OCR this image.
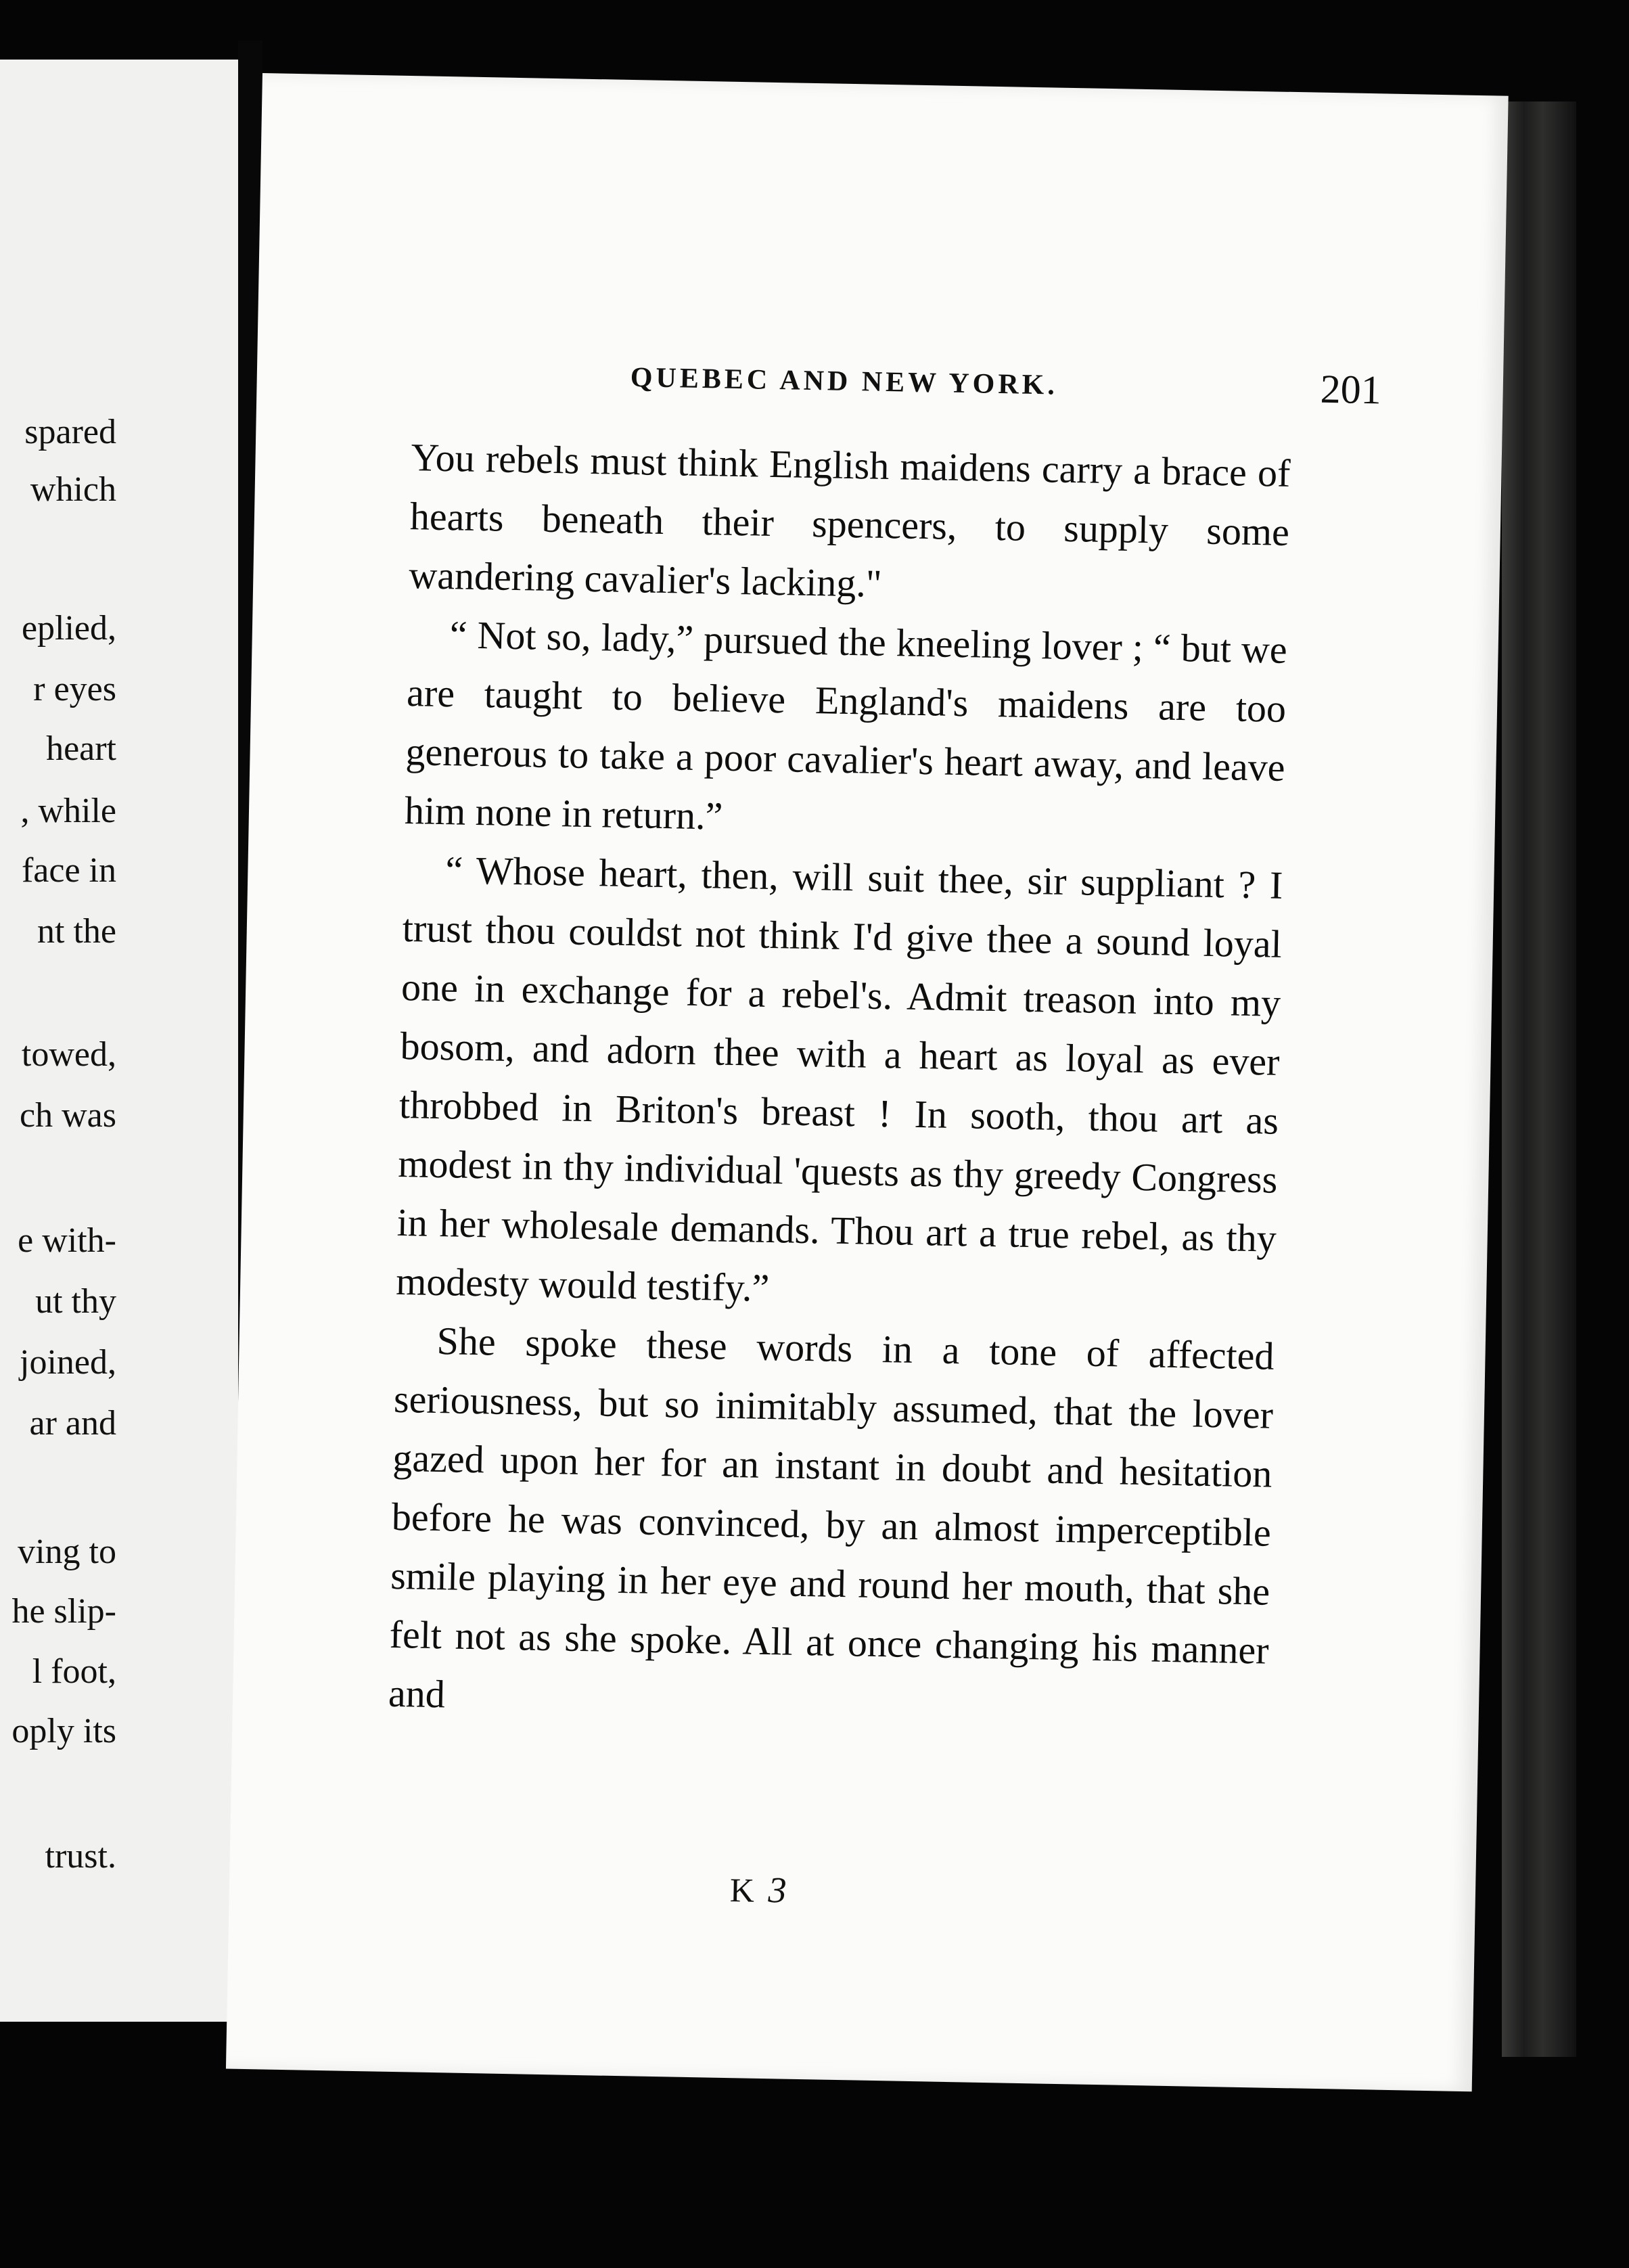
spared
which
eplied,
r eyes
heart
, while
face in
nt the
towed,
ch was
e with-
ut thy
joined,
ar and
ving to
he slip-
l foot,
oply its
trust.
QUEBEC AND NEW YORK.	201

You rebels must think English maidens carry a brace of hearts beneath their spencers, to supply some wandering cavalier's lacking."

“ Not so, lady,” pursued the kneeling lover ; “ but we are taught to believe England's maidens are too generous to take a poor cavalier's heart away, and leave him none in return.”

“ Whose heart, then, will suit thee, sir suppliant ? I trust thou couldst not think I'd give thee a sound loyal one in exchange for a rebel's. Admit treason into my bosom, and adorn thee with a heart as loyal as ever throbbed in Briton's breast ! In sooth, thou art as modest in thy individual 'quests as thy greedy Congress in her wholesale demands. Thou art a true rebel, as thy modesty would testify.”

She spoke these words in a tone of affected seriousness, but so inimitably assumed, that the lover gazed upon her for an instant in doubt and hesitation before he was convinced, by an almost imperceptible smile playing in her eye and round her mouth, that she felt not as she spoke. All at once changing his manner and

K 3
